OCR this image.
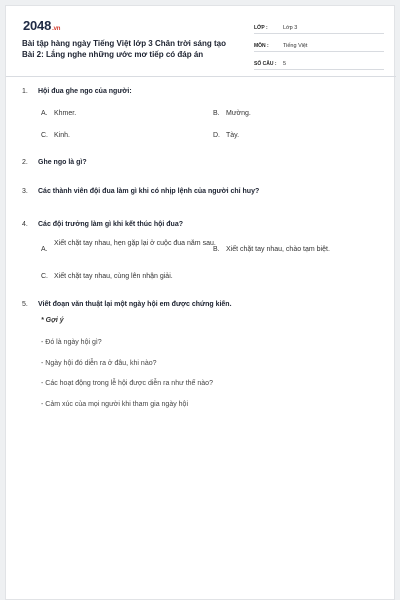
2048.vn
Bài tập hàng ngày Tiếng Việt lớp 3 Chân trời sáng tạo Bài 2: Lắng nghe những ước mơ tiếp có đáp án
LỚP :	Lớp 3
MÔN :	Tiếng Việt
SỐ CÂU :	5
1. Hội đua ghe ngo của người:
A. Khmer.	B. Mường.
C. Kinh.	D. Tày.
2. Ghe ngo là gì?
3. Các thành viên đội đua làm gì khi có nhịp lệnh của người chỉ huy?
4. Các đội trưởng làm gì khi kết thúc hội đua?
A.
Xiết chặt tay nhau, hẹn gặp lại ở cuộc đua năm sau.
B. Xiết chặt tay nhau, chào tạm biệt.
C. Xiết chặt tay nhau, cùng lên nhận giải.
5. Viết đoạn văn thuật lại một ngày hội em được chứng kiến.
* Gợi ý
- Đó là ngày hội gì?
- Ngày hội đó diễn ra ở đâu, khi nào?
- Các hoạt động trong lễ hội được diễn ra như thế nào?
- Cảm xúc của mọi người khi tham gia ngày hội
